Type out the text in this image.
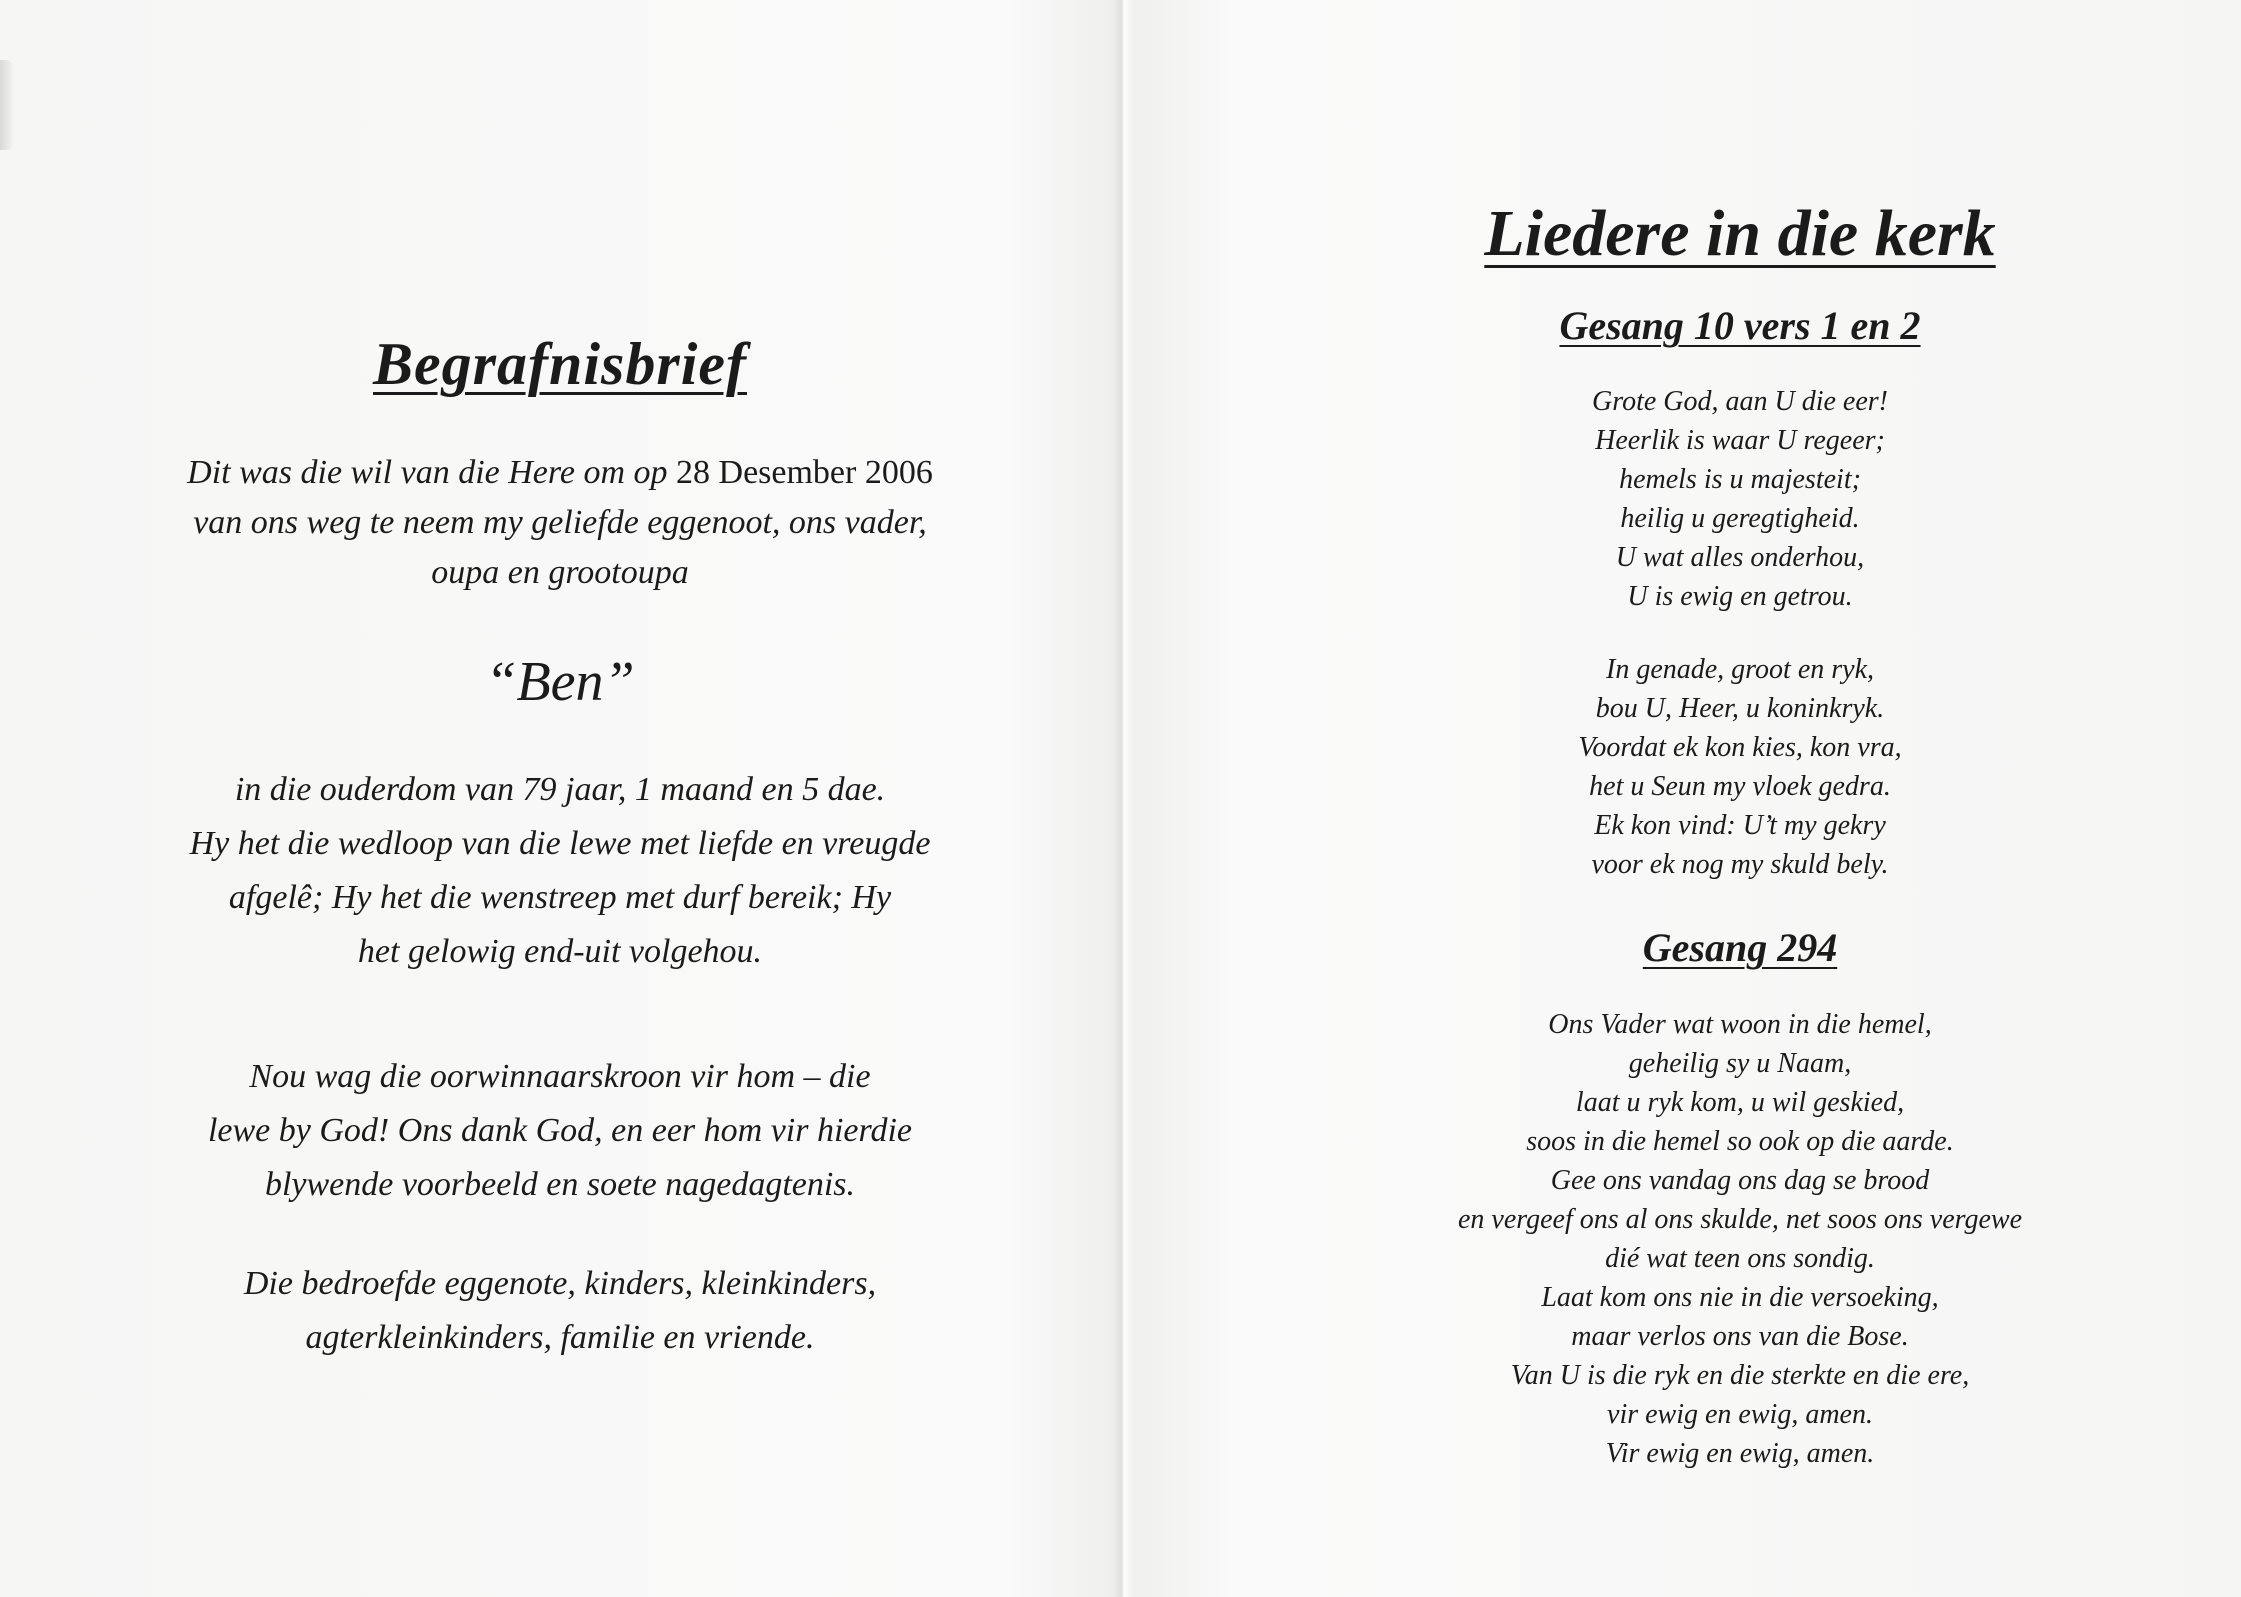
Begrafnisbrief
Dit was die wil van die Here om op 28 Desember 2006
van ons weg te neem my geliefde eggenoot, ons vader,
oupa en grootoupa
“Ben”
in die ouderdom van 79 jaar, 1 maand en 5 dae.
Hy het die wedloop van die lewe met liefde en vreugde
afgelê; Hy het die wenstreep met durf bereik; Hy
het gelowig end-uit volgehou.
Nou wag die oorwinnaarskroon vir hom – die
lewe by God! Ons dank God, en eer hom vir hierdie
blywende voorbeeld en soete nagedagtenis.
Die bedroefde eggenote, kinders, kleinkinders,
agterkleinkinders, familie en vriende.
Liedere in die kerk
Gesang 10 vers 1 en 2
Grote God, aan U die eer!
Heerlik is waar U regeer;
hemels is u majesteit;
heilig u geregtigheid.
U wat alles onderhou,
U is ewig en getrou.
In genade, groot en ryk,
bou U, Heer, u koninkryk.
Voordat ek kon kies, kon vra,
het u Seun my vloek gedra.
Ek kon vind: U’t my gekry
voor ek nog my skuld bely.
Gesang 294
Ons Vader wat woon in die hemel,
geheilig sy u Naam,
laat u ryk kom, u wil geskied,
soos in die hemel so ook op die aarde.
Gee ons vandag ons dag se brood
en vergeef ons al ons skulde, net soos ons vergewe
dié wat teen ons sondig.
Laat kom ons nie in die versoeking,
maar verlos ons van die Bose.
Van U is die ryk en die sterkte en die ere,
vir ewig en ewig, amen.
Vir ewig en ewig, amen.
